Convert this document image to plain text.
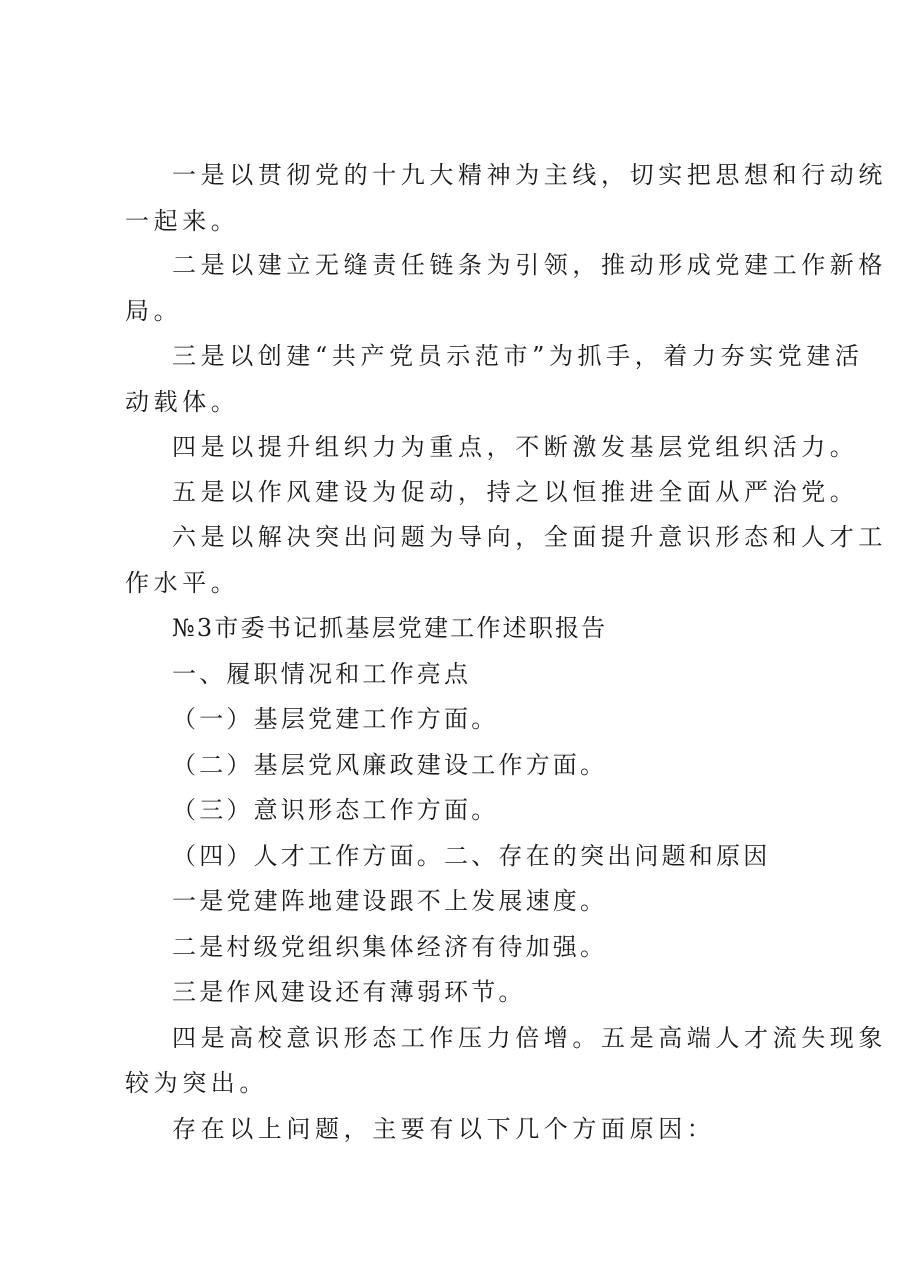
一是以贯彻党的十九大精神为主线，切实把思想和行动统
一起来。
二是以建立无缝责任链条为引领，推动形成党建工作新格
局。
三是以创建“共产党员示范市”为抓手，着力夯实党建活
动载体。
四是以提升组织力为重点，不断激发基层党组织活力。
五是以作风建设为促动，持之以恒推进全面从严治党。
六是以解决突出问题为导向，全面提升意识形态和人才工
作水平。
№3市委书记抓基层党建工作述职报告
一、履职情况和工作亮点
（一）基层党建工作方面。
（二）基层党风廉政建设工作方面。
（三）意识形态工作方面。
（四）人才工作方面。二、存在的突出问题和原因
一是党建阵地建设跟不上发展速度。
二是村级党组织集体经济有待加强。
三是作风建设还有薄弱环节。
四是高校意识形态工作压力倍增。五是高端人才流失现象
较为突出。
存在以上问题，主要有以下几个方面原因：
